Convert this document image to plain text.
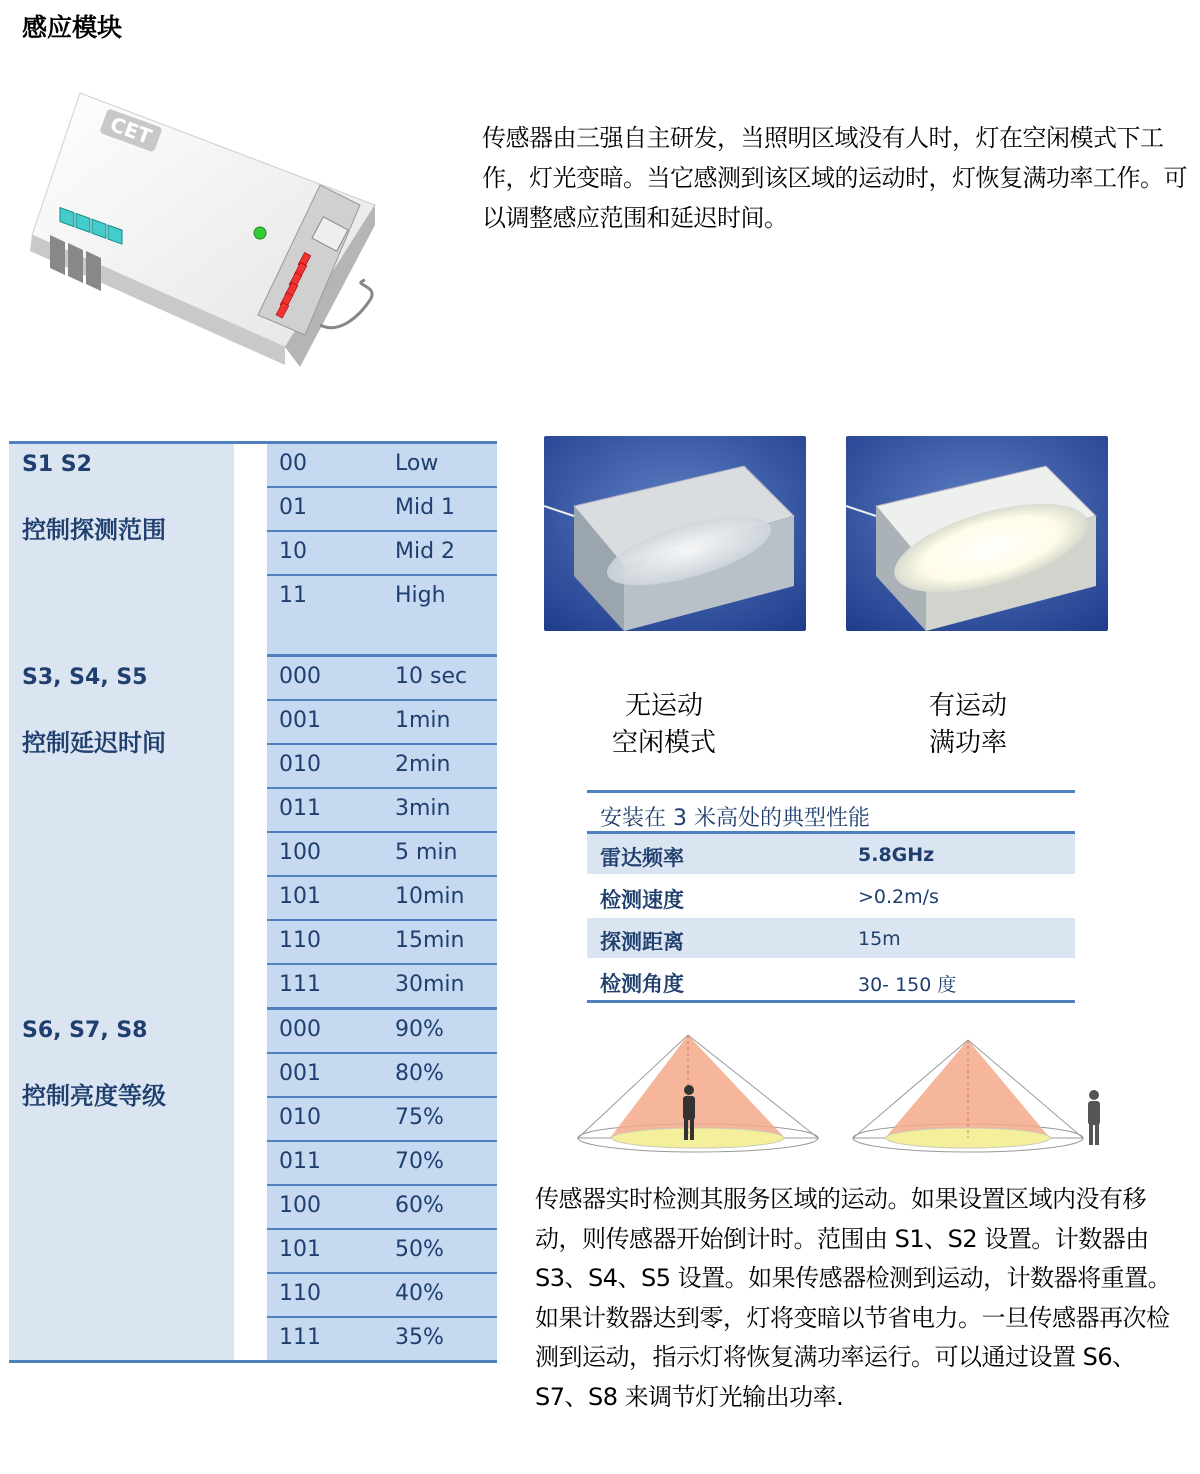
感应模块
CET	传感器由三强自主研发，当照明区域没有人时，灯在空闲模式下工作，灯光变暗。当它感测到该区域的运动时，灯恢复满功率工作。可以调整感应范围和延迟时间。
S1 S2
控制探测范围
00	Low
01	Mid 1
10	Mid 2
11	High
S3, S4, S5
控制延迟时间
000	10 sec
001	1min
010	2min
011	3min
100	5 min
101	10min
110	15min
111	30min
S6, S7, S8
控制亮度等级
000	90%
001	80%
010	75%
011	70%
100	60%
101	50%
110	40%
111	35%
无运动
空闲模式
有运动
满功率
安装在 3 米高处的典型性能
雷达频率	5.8GHz
检测速度	>0.2m/s
探测距离	15m
检测角度	30- 150 度
传感器实时检测其服务区域的运动。如果设置区域内没有移动，则传感器开始倒计时。范围由 S1、S2 设置。计数器由 S3、S4、S5 设置。如果传感器检测到运动，计数器将重置。如果计数器达到零，灯将变暗以节省电力。一旦传感器再次检测到运动，指示灯将恢复满功率运行。可以通过设置 S6、S7、S8 来调节灯光输出功率.
